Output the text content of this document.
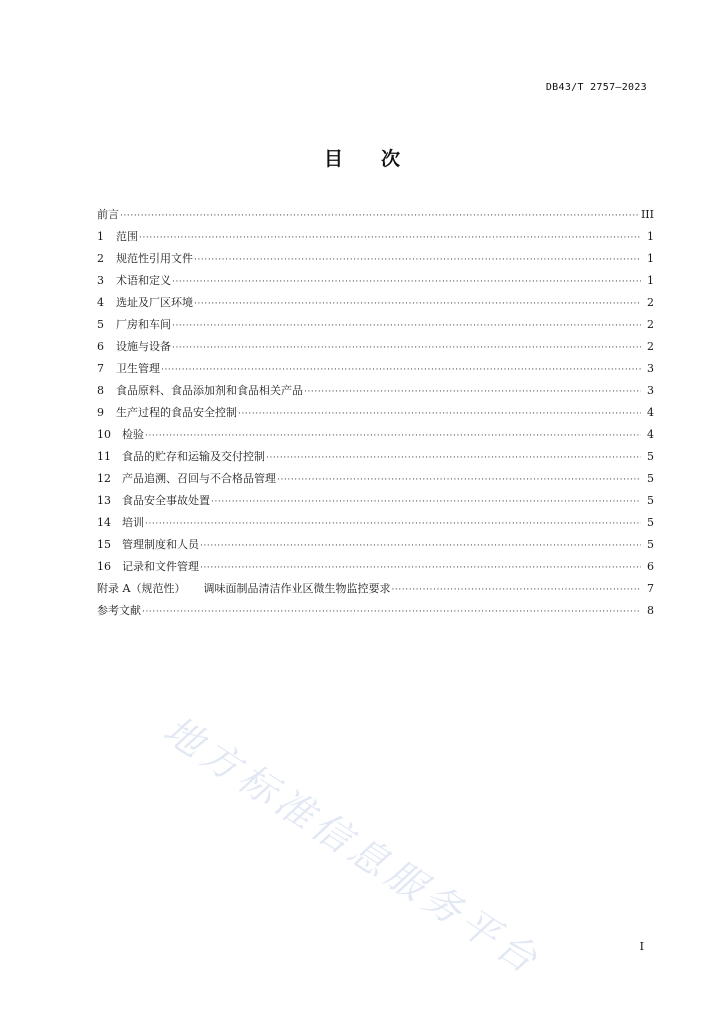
DB43/T 2757—2023
目次
前言 ·····	III
1	范围 ·····	1
2	规范性引用文件 ·····	1
3	术语和定义 ·····	1
4	选址及厂区环境 ·····	2
5	厂房和车间 ·····	2
6	设施与设备 ·····	2
7	卫生管理 ·····	3
8	食品原料、食品添加剂和食品相关产品 ·····	3
9	生产过程的食品安全控制 ·····	4
10	检验 ·····	4
11	食品的贮存和运输及交付控制 ·····	5
12	产品追溯、召回与不合格品管理 ·····	5
13	食品安全事故处置 ·····	5
14	培训 ·····	5
15	管理制度和人员 ·····	5
16	记录和文件管理 ·····	6
附录 A（规范性） 调味面制品清洁作业区微生物监控要求 ·····	7
参考文献 ·····	8
地方标准信息服务平台	I
